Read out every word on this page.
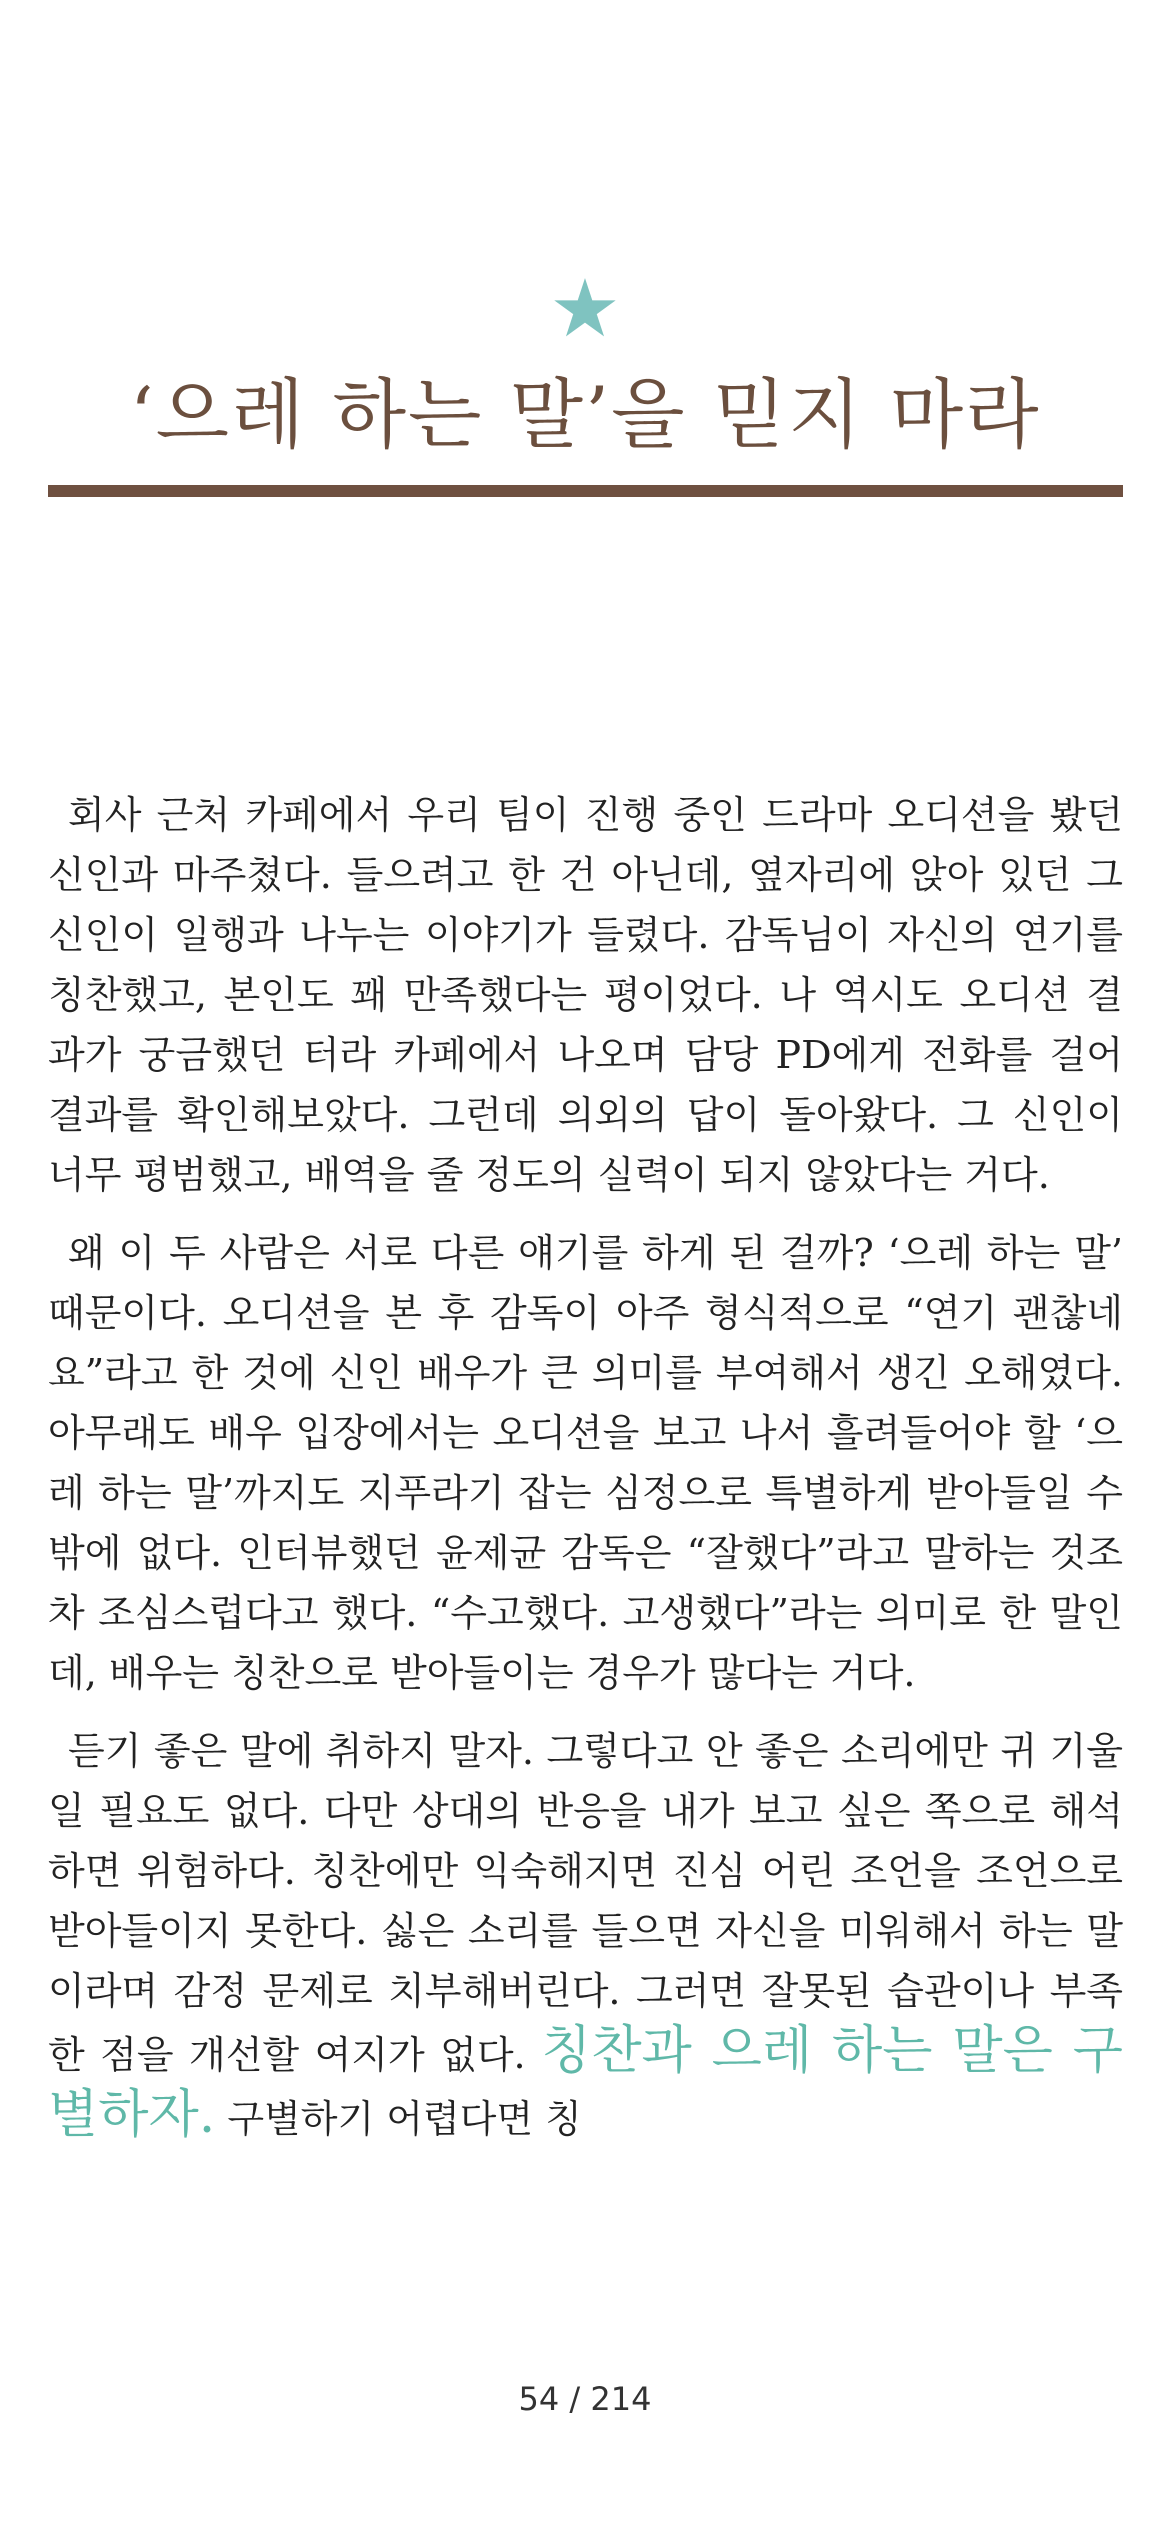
★
‘으레 하는 말’을 믿지 마라

회사 근처 카페에서 우리 팀이 진행 중인 드라마 오디션을 봤던 신인과 마주쳤다. 들으려고 한 건 아닌데, 옆자리에 앉아 있던 그 신인이 일행과 나누는 이야기가 들렸다. 감독님이 자신의 연기를 칭찬했고, 본인도 꽤 만족했다는 평이었다. 나 역시도 오디션 결과가 궁금했던 터라 카페에서 나오며 담당 PD에게 전화를 걸어 결과를 확인해보았다. 그런데 의외의 답이 돌아왔다. 그 신인이 너무 평범했고, 배역을 줄 정도의 실력이 되지 않았다는 거다.

왜 이 두 사람은 서로 다른 얘기를 하게 된 걸까? ‘으레 하는 말’ 때문이다. 오디션을 본 후 감독이 아주 형식적으로 “연기 괜찮네요”라고 한 것에 신인 배우가 큰 의미를 부여해서 생긴 오해였다. 아무래도 배우 입장에서는 오디션을 보고 나서 흘려들어야 할 ‘으레 하는 말’까지도 지푸라기 잡는 심정으로 특별하게 받아들일 수밖에 없다. 인터뷰했던 윤제균 감독은 “잘했다”라고 말하는 것조차 조심스럽다고 했다. “수고했다. 고생했다”라는 의미로 한 말인데, 배우는 칭찬으로 받아들이는 경우가 많다는 거다.

듣기 좋은 말에 취하지 말자. 그렇다고 안 좋은 소리에만 귀 기울일 필요도 없다. 다만 상대의 반응을 내가 보고 싶은 쪽으로 해석하면 위험하다. 칭찬에만 익숙해지면 진심 어린 조언을 조언으로 받아들이지 못한다. 싫은 소리를 들으면 자신을 미워해서 하는 말이라며 감정 문제로 치부해버린다. 그러면 잘못된 습관이나 부족한 점을 개선할 여지가 없다. 칭찬과 으레 하는 말은 구별하자. 구별하기 어렵다면 칭

54 / 214
